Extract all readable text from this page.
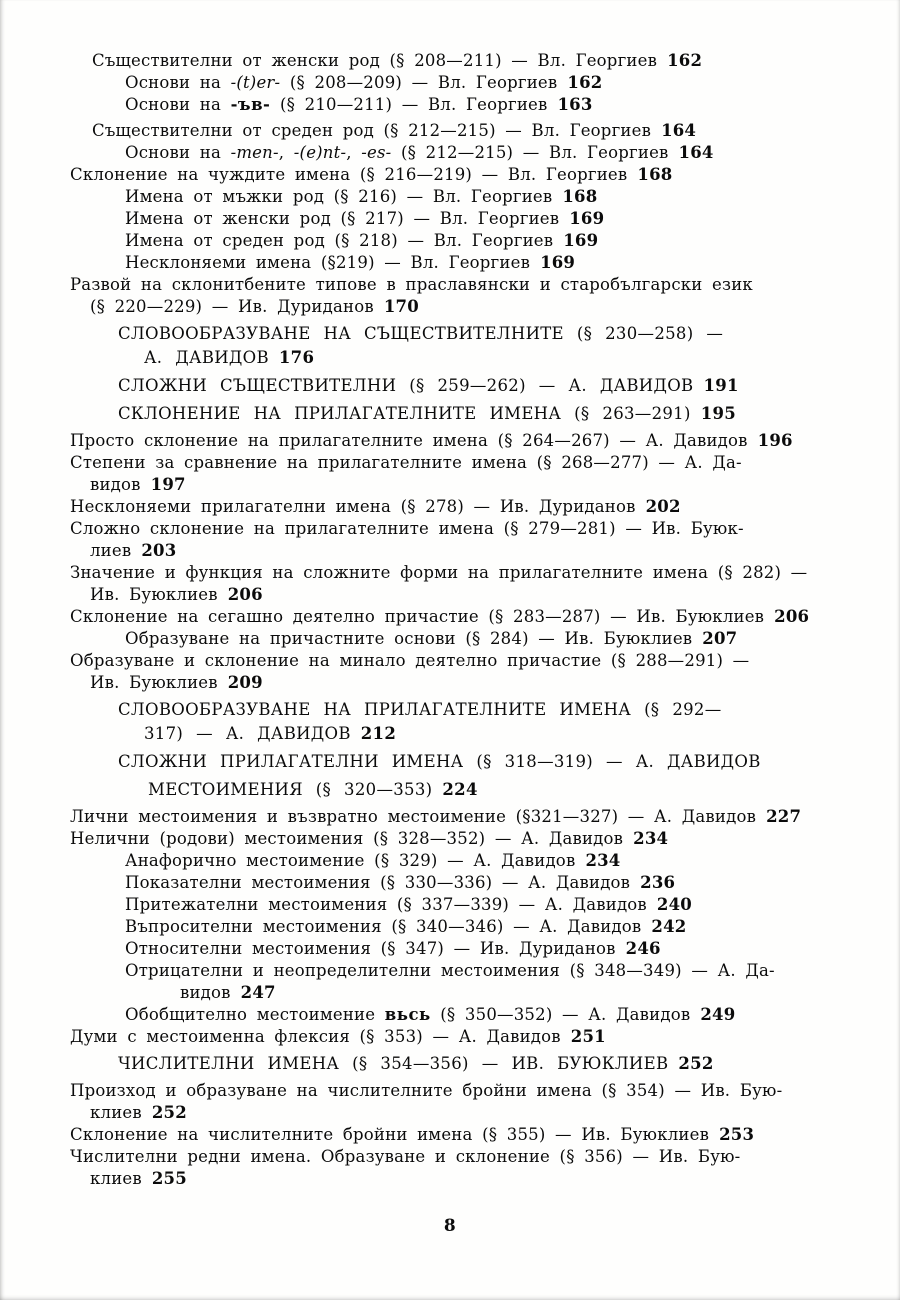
Съществителни от женски род (§ 208—211) — Вл. Георгиев 162
Основи на -(t)er- (§ 208—209) — Вл. Георгиев 162
Основи на -ъв- (§ 210—211) — Вл. Георгиев 163
Съществителни от среден род (§ 212—215) — Вл. Георгиев 164
Основи на -men-, -(e)nt-, -es- (§ 212—215) — Вл. Георгиев 164
Склонение на чуждите имена (§ 216—219) — Вл. Георгиев 168
Имена от мъжки род (§ 216) — Вл. Георгиев 168
Имена от женски род (§ 217) — Вл. Георгиев 169
Имена от среден род (§ 218) — Вл. Георгиев 169
Несклоняеми имена (§219) — Вл. Георгиев 169
Развой на склонитбените типове в праславянски и старобългарски език
(§ 220—229) — Ив. Дуриданов 170
СЛОВООБРАЗУВАНЕ НА СЪЩЕСТВИТЕЛНИТЕ (§ 230—258) —
А. ДАВИДОВ 176
СЛОЖНИ СЪЩЕСТВИТЕЛНИ (§ 259—262) — А. ДАВИДОВ 191
СКЛОНЕНИЕ НА ПРИЛАГАТЕЛНИТЕ ИМЕНА (§ 263—291) 195
Просто склонение на прилагателните имена (§ 264—267) — А. Давидов 196
Степени за сравнение на прилагателните имена (§ 268—277) — А. Да-
видов 197
Несклоняеми прилагателни имена (§ 278) — Ив. Дуриданов 202
Сложно склонение на прилагателните имена (§ 279—281) — Ив. Буюк-
лиев 203
Значение и функция на сложните форми на прилагателните имена (§ 282) —
Ив. Буюклиев 206
Склонение на сегашно деятелно причастие (§ 283—287) — Ив. Буюклиев 206
Образуване на причастните основи (§ 284) — Ив. Буюклиев 207
Образуване и склонение на минало деятелно причастие (§ 288—291) —
Ив. Буюклиев 209
СЛОВООБРАЗУВАНЕ НА ПРИЛАГАТЕЛНИТЕ ИМЕНА (§ 292—
317) — А. ДАВИДОВ 212
СЛОЖНИ ПРИЛАГАТЕЛНИ ИМЕНА (§ 318—319) — А. ДАВИДОВ
МЕСТОИМЕНИЯ (§ 320—353) 224
Лични местоимения и възвратно местоимение (§321—327) — А. Давидов 227
Нелични (родови) местоимения (§ 328—352) — А. Давидов 234
Анафорично местоимение (§ 329) — А. Давидов 234
Показателни местоимения (§ 330—336) — А. Давидов 236
Притежателни местоимения (§ 337—339) — А. Давидов 240
Въпросителни местоимения (§ 340—346) — А. Давидов 242
Относителни местоимения (§ 347) — Ив. Дуриданов 246
Отрицателни и неопределителни местоимения (§ 348—349) — А. Да-
видов 247
Обобщително местоимение вьсь (§ 350—352) — А. Давидов 249
Думи с местоименна флексия (§ 353) — А. Давидов 251
ЧИСЛИТЕЛНИ ИМЕНА (§ 354—356) — ИВ. БУЮКЛИЕВ 252
Произход и образуване на числителните бройни имена (§ 354) — Ив. Бую-
клиев 252
Склонение на числителните бройни имена (§ 355) — Ив. Буюклиев 253
Числителни редни имена. Образуване и склонение (§ 356) — Ив. Бую-
клиев 255
8
